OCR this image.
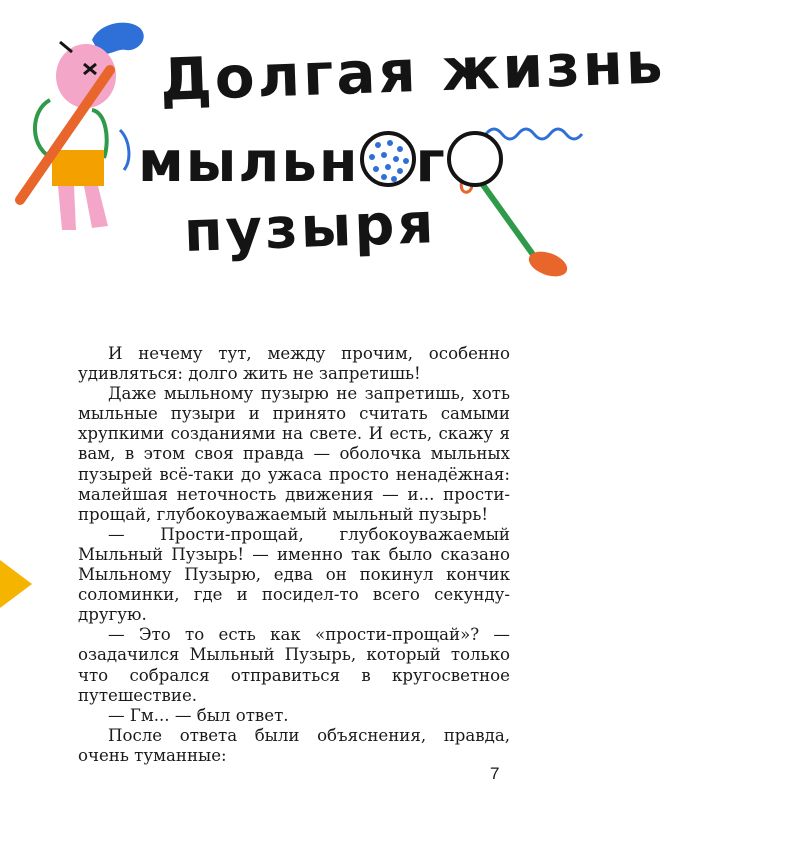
Долгая жизнь
мыльн г
пузыря

И нечему тут, между прочим, особенно удивляться: долго жить не запретишь!

Даже мыльному пузырю не запретишь, хоть мыльные пузыри и принято считать самыми хрупкими созданиями на свете. И есть, скажу я вам, в этом своя правда — оболочка мыльных пузырей всё-таки до ужаса просто ненадёжная: малейшая неточность движения — и... прости-прощай, глубокоуважаемый мыльный пузырь!

— Прости-прощай, глубокоуважаемый Мыльный Пузырь! — именно так было сказано Мыльному Пузырю, едва он покинул кончик соломинки, где и посидел-то всего секунду-другую.

— Это то есть как «прости-прощай»? — озадачился Мыльный Пузырь, который только что собрался отправиться в кругосветное путешествие.

— Гм... — был ответ.

После ответа были объяснения, правда, очень туманные:

7
